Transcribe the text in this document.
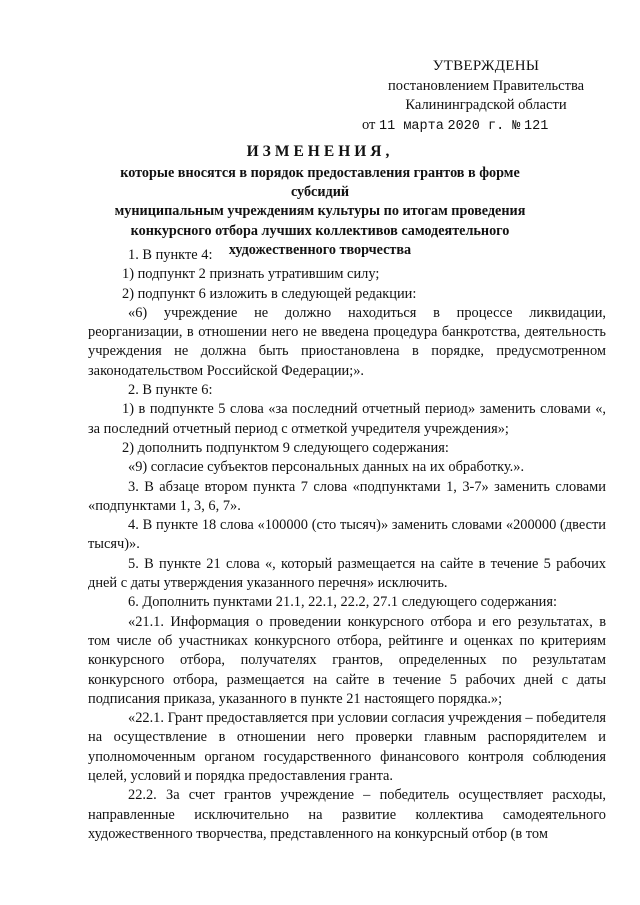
УТВЕРЖДЕНЫ
постановлением Правительства
Калининградской области
от 11 марта 2020 г. № 121
ИЗМЕНЕНИЯ,
которые вносятся в порядок предоставления грантов в форме субсидий
муниципальным учреждениям культуры по итогам проведения
конкурсного отбора лучших коллективов самодеятельного
художественного творчества
1. В пункте 4:
1) подпункт 2 признать утратившим силу;
2) подпункт 6 изложить в следующей редакции:
«6) учреждение не должно находиться в процессе ликвидации, реорганизации, в отношении него не введена процедура банкротства, деятельность учреждения не должна быть приостановлена в порядке, предусмотренном законодательством Российской Федерации;».
2. В пункте 6:
1) в подпункте 5 слова «за последний отчетный период» заменить словами «, за последний отчетный период с отметкой учредителя учреждения»;
2) дополнить подпунктом 9 следующего содержания:
«9) согласие субъектов персональных данных на их обработку.».
3. В абзаце втором пункта 7 слова «подпунктами 1, 3-7» заменить словами «подпунктами 1, 3, 6, 7».
4. В пункте 18 слова «100000 (сто тысяч)» заменить словами «200000 (двести тысяч)».
5. В пункте 21 слова «, который размещается на сайте в течение 5 рабочих дней с даты утверждения указанного перечня» исключить.
6. Дополнить пунктами 21.1, 22.1, 22.2, 27.1 следующего содержания:
«21.1. Информация о проведении конкурсного отбора и его результатах, в том числе об участниках конкурсного отбора, рейтинге и оценках по критериям конкурсного отбора, получателях грантов, определенных по результатам конкурсного отбора, размещается на сайте в течение 5 рабочих дней с даты подписания приказа, указанного в пункте 21 настоящего порядка.»;
«22.1. Грант предоставляется при условии согласия учреждения – победителя на осуществление в отношении него проверки главным распорядителем и уполномоченным органом государственного финансового контроля соблюдения целей, условий и порядка предоставления гранта.
22.2. За счет грантов учреждение – победитель осуществляет расходы, направленные исключительно на развитие коллектива самодеятельного художественного творчества, представленного на конкурсный отбор (в том
